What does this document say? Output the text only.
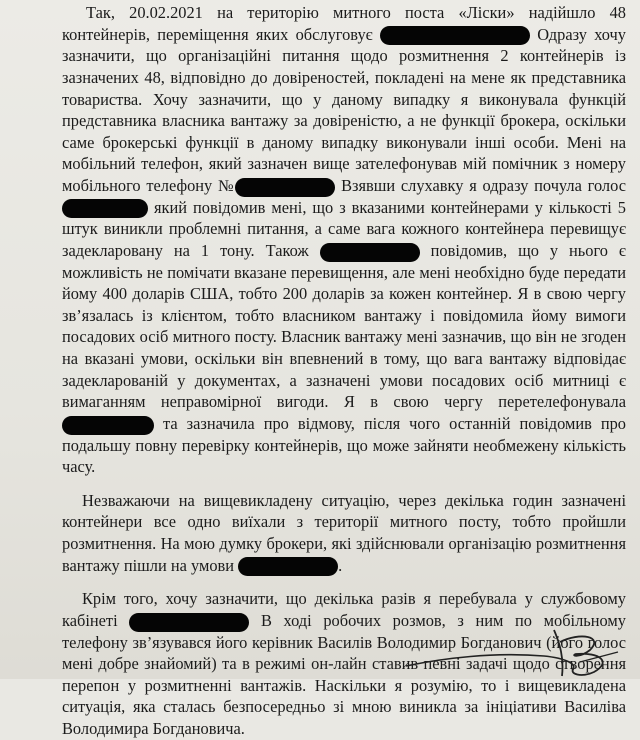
Так, 20.02.2021 на територію митного поста «Ліски» надійшло 48 контейнерів, переміщення яких обслуговує	Одразу хочу зазначити, що організаційні питання щодо розмитнення 2 контейнерів із зазначених 48, відповідно до довіреностей, покладені на мене як представника товариства. Хочу зазначити, що у даному випадку я виконувала функцій представника власника вантажу за довіреністю, а не функції брокера, оскільки саме брокерські функції в даному випадку виконували інші особи. Мені на мобільний телефон, який зазначен вище зателефонував мій помічник з номеру мобільного телефону №	Взявши слухавку я одразу почула голос  який повідомив мені, що з вказаними контейнерами у кількості 5 штук виникли проблемні питання, а саме вага кожного контейнера перевищує задекларовану на 1 тону. Також	повідомив, що у нього є можливість не помічати вказане перевищення, але мені необхідно буде передати йому 400 доларів США, тобто 200 доларів за кожен контейнер. Я в свою чергу зв’язалась із клієнтом, тобто власником вантажу і повідомила йому вимоги посадових осіб митного посту. Власник вантажу мені зазначив, що він не згоден на вказані умови, оскільки він впевнений в тому, що вага вантажу відповідає задекларованій у документах, а зазначені умови посадових осіб митниці є вимаганням неправомірної вигоди. Я в свою чергу перетелефонувала  та зазначила про відмову, після чого останній повідомив про подальшу повну перевірку контейнерів, що може зайняти необмежену кількість часу.

Незважаючи на вищевикладену ситуацію, через декілька годин зазначені контейнери все одно виїхали з території митного посту, тобто пройшли розмитнення. На мою думку брокери, які здійснювали організацію розмитнення вантажу пішли на умови	.

Крім того, хочу зазначити, що декілька разів я перебувала у службовому кабінеті	В ході робочих розмов, з ним по мобільному телефону зв’язувався його керівник Василів Володимир Богданович (його голос мені добре знайомий) та в режимі он-лайн ставив певні задачі щодо створення перепон у розмитненні вантажів. Наскільки я розумію, то і вищевикладена ситуація, яка сталась безпосередньо зі мною виникла за ініціативи Василіва Володимира Богдановича.
